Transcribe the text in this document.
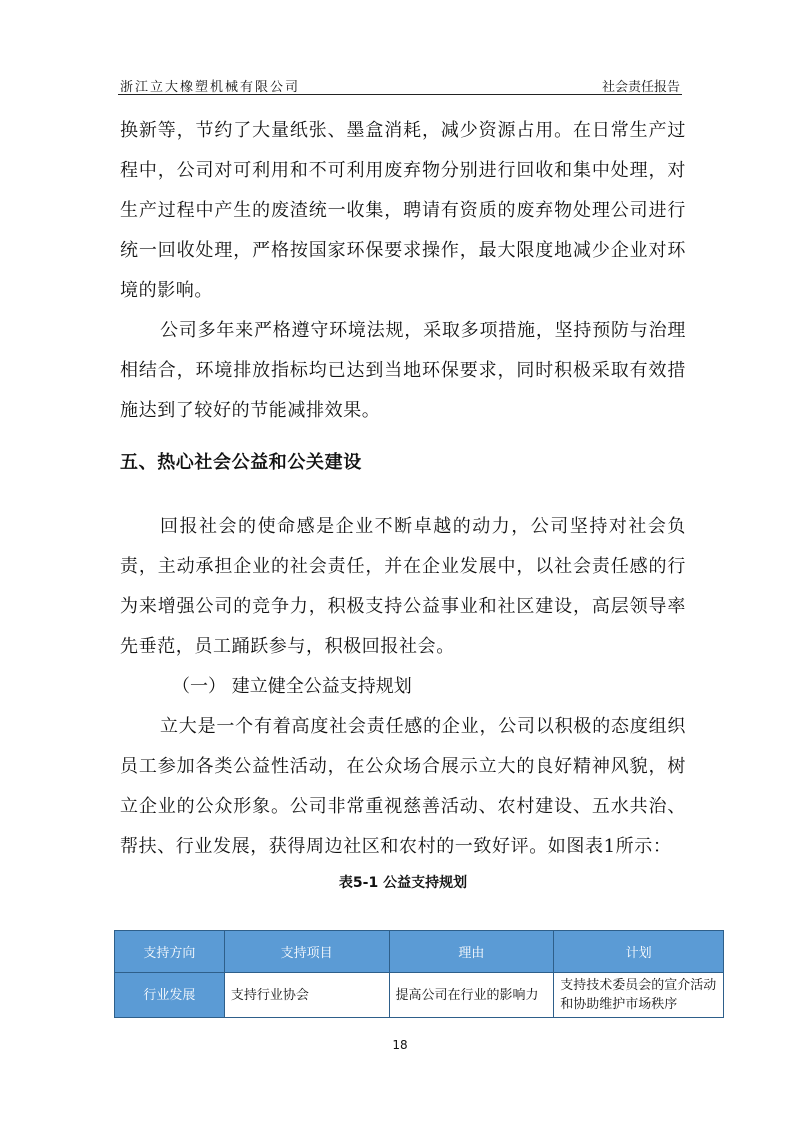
浙江立大橡塑机械有限公司	社会责任报告

换新等，节约了大量纸张、墨盒消耗，减少资源占用。在日常生产过程中，公司对可利用和不可利用废弃物分别进行回收和集中处理，对生产过程中产生的废渣统一收集，聘请有资质的废弃物处理公司进行统一回收处理，严格按国家环保要求操作，最大限度地减少企业对环境的影响。

公司多年来严格遵守环境法规，采取多项措施，坚持预防与治理相结合，环境排放指标均已达到当地环保要求，同时积极采取有效措施达到了较好的节能减排效果。

五、热心社会公益和公关建设

回报社会的使命感是企业不断卓越的动力，公司坚持对社会负责，主动承担企业的社会责任，并在企业发展中，以社会责任感的行为来增强公司的竞争力，积极支持公益事业和社区建设，高层领导率先垂范，员工踊跃参与，积极回报社会。

（一） 建立健全公益支持规划

立大是一个有着高度社会责任感的企业，公司以积极的态度组织员工参加各类公益性活动，在公众场合展示立大的良好精神风貌，树立企业的公众形象。公司非常重视慈善活动、农村建设、五水共治、帮扶、行业发展，获得周边社区和农村的一致好评。如图表1所示：

表5-1 公益支持规划
支持方向	支持项目	理由	计划
行业发展	支持行业协会	提高公司在行业的影响力	支持技术委员会的宣介活动和协助维护市场秩序
18
